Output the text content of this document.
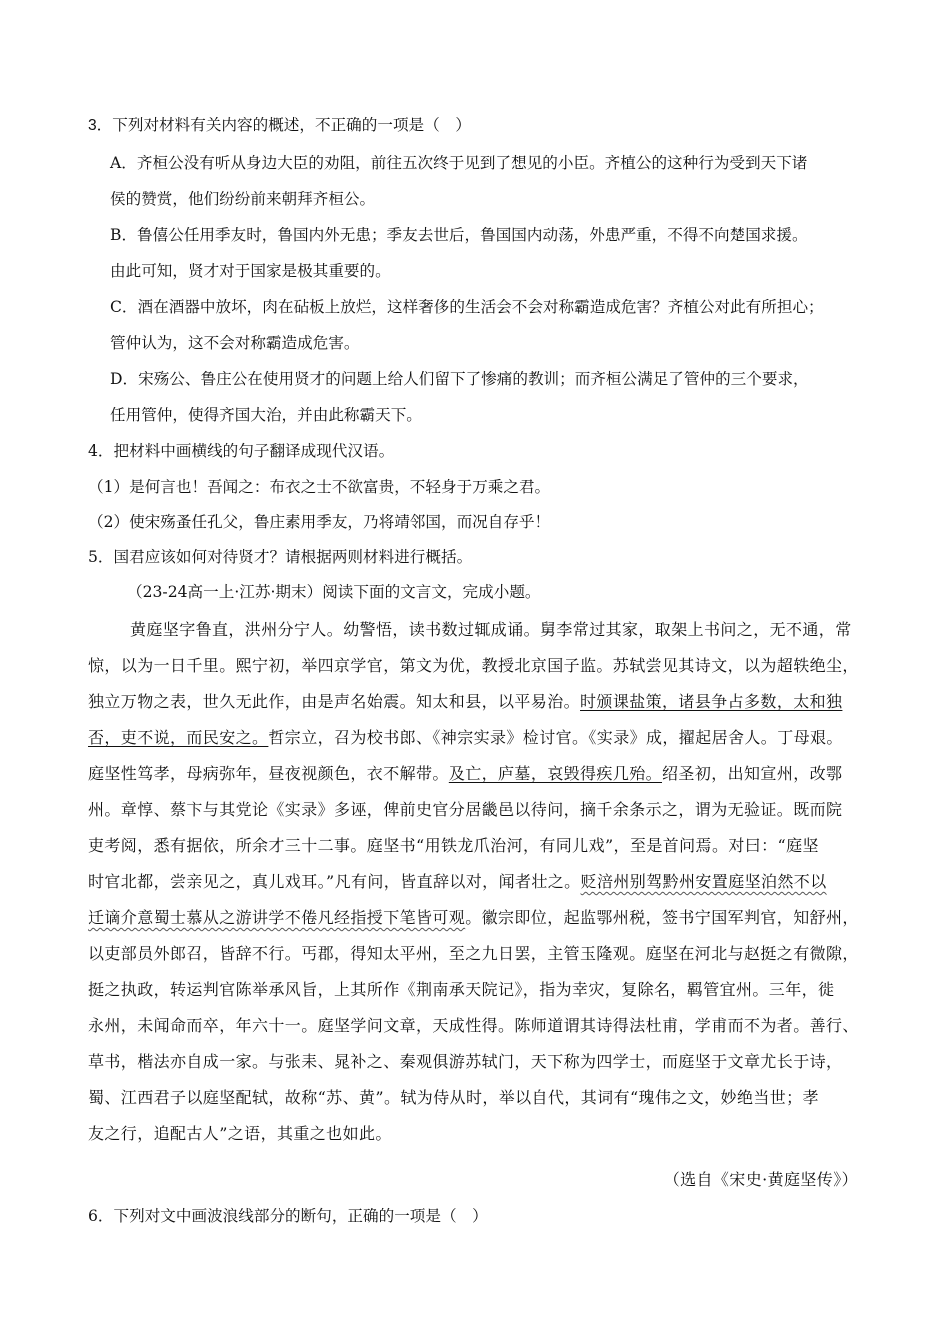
3．下列对材料有关内容的概述，不正确的一项是（　）
A．齐桓公没有听从身边大臣的劝阻，前往五次终于见到了想见的小臣。齐植公的这种行为受到天下诸
侯的赞赏，他们纷纷前来朝拜齐桓公。
B．鲁僖公任用季友时，鲁国内外无患；季友去世后，鲁国国内动荡，外患严重，不得不向楚国求援。
由此可知，贤才对于国家是极其重要的。
C．酒在酒器中放坏，肉在砧板上放烂，这样奢侈的生活会不会对称霸造成危害？齐植公对此有所担心；
管仲认为，这不会对称霸造成危害。
D．宋殇公、鲁庄公在使用贤才的问题上给人们留下了惨痛的教训；而齐桓公满足了管仲的三个要求，
任用管仲，使得齐国大治，并由此称霸天下。
4．把材料中画横线的句子翻译成现代汉语。
（1）是何言也！吾闻之：布衣之士不欲富贵，不轻身于万乘之君。
（2）使宋殇蚤任孔父，鲁庄素用季友，乃将靖邻国，而况自存乎！
5．国君应该如何对待贤才？请根据两则材料进行概括。
（23-24高一上·江苏·期末）阅读下面的文言文，完成小题。
黄庭坚字鲁直，洪州分宁人。幼警悟，读书数过辄成诵。舅李常过其家，取架上书问之，无不通，常
惊，以为一日千里。熙宁初，举四京学官，第文为优，教授北京国子监。苏轼尝见其诗文，以为超轶绝尘，
独立万物之表，世久无此作，由是声名始震。知太和县，以平易治。时颁课盐策，诸县争占多数，太和独
否，吏不说，而民安之。哲宗立，召为校书郎、《神宗实录》检讨官。《实录》成，擢起居舍人。丁母艰。
庭坚性笃孝，母病弥年，昼夜视颜色，衣不解带。及亡，庐墓，哀毁得疾几殆。绍圣初，出知宣州，改鄂
州。章惇、蔡卞与其党论《实录》多诬，俾前史官分居畿邑以待问，摘千余条示之，谓为无验证。既而院
吏考阅，悉有据依，所余才三十二事。庭坚书“用铁龙爪治河，有同儿戏”，至是首问焉。对曰：“庭坚
时官北都，尝亲见之，真儿戏耳。”凡有问，皆直辞以对，闻者壮之。贬涪州别驾黔州安置庭坚泊然不以
迁谪介意蜀士慕从之游讲学不倦凡经指授下笔皆可观。徽宗即位，起监鄂州税，签书宁国军判官，知舒州，
以吏部员外郎召，皆辞不行。丐郡，得知太平州，至之九日罢，主管玉隆观。庭坚在河北与赵挺之有微隙，
挺之执政，转运判官陈举承风旨，上其所作《荆南承天院记》，指为幸灾，复除名，羁管宜州。三年，徙
永州，未闻命而卒，年六十一。庭坚学问文章，天成性得。陈师道谓其诗得法杜甫，学甫而不为者。善行、
草书，楷法亦自成一家。与张耒、晁补之、秦观俱游苏轼门，天下称为四学士，而庭坚于文章尤长于诗，
蜀、江西君子以庭坚配轼，故称“苏、黄”。轼为侍从时，举以自代，其词有“瑰伟之文，妙绝当世；孝
友之行，追配古人”之语，其重之也如此。
（选自《宋史·黄庭坚传》）
6．下列对文中画波浪线部分的断句，正确的一项是（　）
